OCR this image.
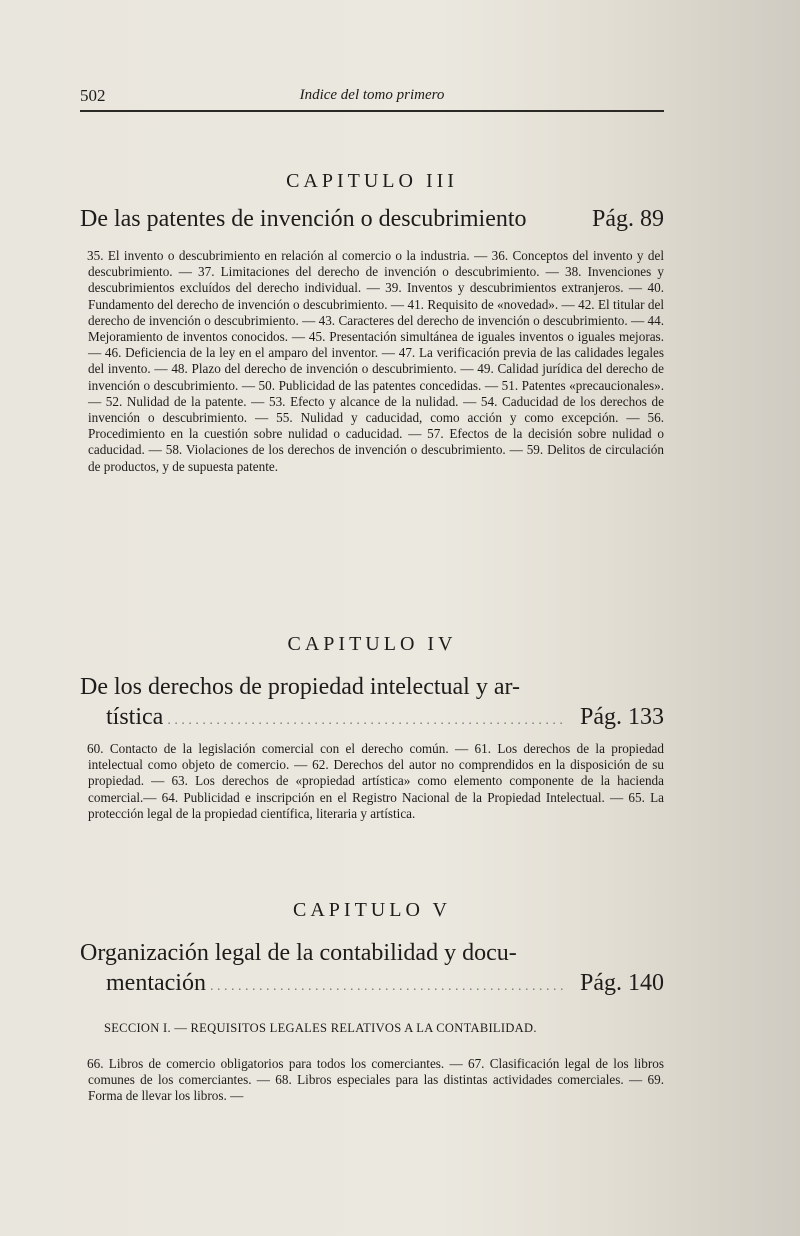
502	Indice del tomo primero
CAPITULO III
De las patentes de invención o descubrimiento	Pág. 89
35. El invento o descubrimiento en relación al comercio o la industria. — 36. Conceptos del invento y del descubrimiento. — 37. Limitaciones del derecho de invención o descubrimiento. — 38. Invenciones y descubrimientos excluídos del derecho individual. — 39. Inventos y descubrimientos extranjeros. — 40. Fundamento del derecho de invención o descubrimiento. — 41. Requisito de «novedad». — 42. El titular del derecho de invención o descubrimiento. — 43. Caracteres del derecho de invención o descubrimiento. — 44. Mejoramiento de inventos conocidos. — 45. Presentación simultánea de iguales inventos o iguales mejoras. — 46. Deficiencia de la ley en el amparo del inventor. — 47. La verificación previa de las calidades legales del invento. — 48. Plazo del derecho de invención o descubrimiento. — 49. Calidad jurídica del derecho de invención o descubrimiento. — 50. Publicidad de las patentes concedidas. — 51. Patentes «precaucionales». — 52. Nulidad de la patente. — 53. Efecto y alcance de la nulidad. — 54. Caducidad de los derechos de invención o descubrimiento. — 55. Nulidad y caducidad, como acción y como excepción. — 56. Procedimiento en la cuestión sobre nulidad o caducidad. — 57. Efectos de la decisión sobre nulidad o caducidad. — 58. Violaciones de los derechos de invención o descubrimiento. — 59. Delitos de circulación de productos, y de supuesta patente.
CAPITULO IV
De los derechos de propiedad intelectual y ar-
tística . . .	Pág. 133
60. Contacto de la legislación comercial con el derecho común. — 61. Los derechos de la propiedad intelectual como objeto de comercio. — 62. Derechos del autor no comprendidos en la disposición de su propiedad. — 63. Los derechos de «propiedad artística» como elemento componente de la hacienda comercial.— 64. Publicidad e inscripción en el Registro Nacional de la Propiedad Intelectual. — 65. La protección legal de la propiedad científica, literaria y artística.
CAPITULO V
Organización legal de la contabilidad y docu-
mentación . . .	Pág. 140
SECCION I. — REQUISITOS LEGALES RELATIVOS A LA CONTABILIDAD.
66. Libros de comercio obligatorios para todos los comerciantes. — 67. Clasificación legal de los libros comunes de los comerciantes. — 68. Libros especiales para las distintas actividades comerciales. — 69. Forma de llevar los libros. —
